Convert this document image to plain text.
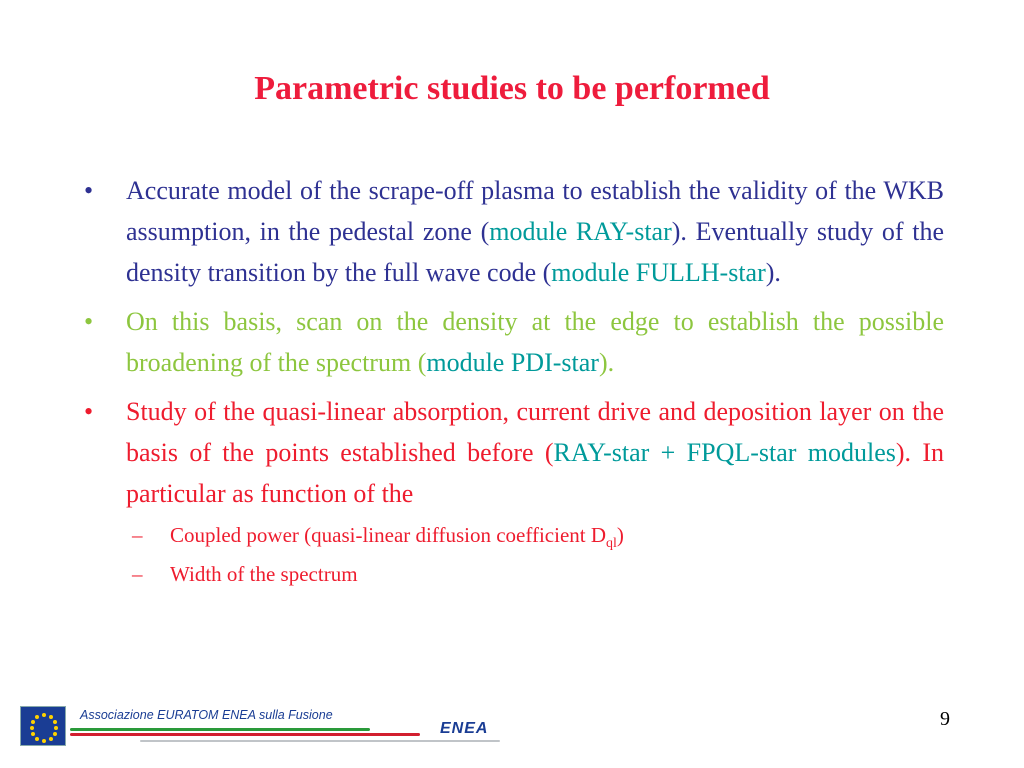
Parametric studies to be performed
• Accurate model of the scrape-off plasma to establish the validity of the WKB assumption, in the pedestal zone (module RAY-star). Eventually study of the density transition by the full wave code (module FULLH-star).
• On this basis, scan on the density at the edge to establish the possible broadening of the spectrum (module PDI-star).
• Study of the quasi-linear absorption, current drive and deposition layer on the basis of the points established before (RAY-star + FPQL-star modules). In particular as function of the
– Coupled power (quasi-linear diffusion coefficient $D_{ql}$)
– Width of the spectrum
Associazione EURATOM ENEA sulla Fusione
ENEA	9
